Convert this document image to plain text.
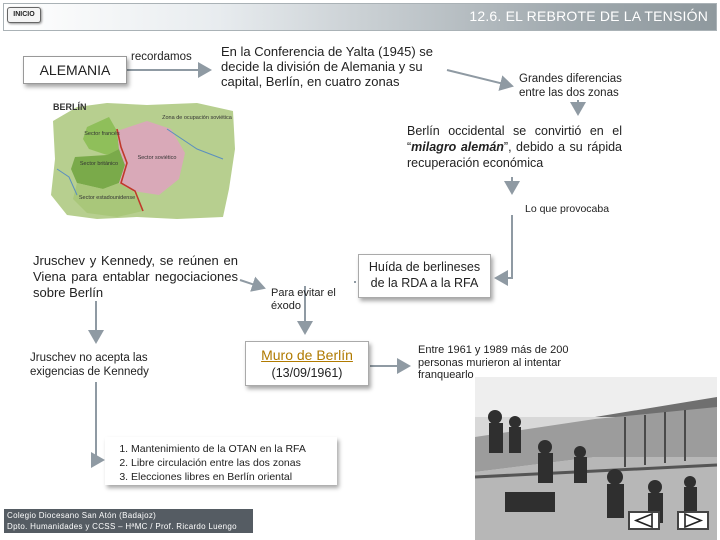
INICIO	12.6. EL REBROTE DE LA TENSIÓN
ALEMANIA
recordamos En la Conferencia de Yalta (1945) se decide la división de Alemania y su capital, Berlín, en cuatro zonas	Grandes diferencias entre las dos zonas
Berlín occidental se convirtió en el “milagro alemán”, debido a su rápida recuperación económica
Lo que provocaba
Jruschev y Kennedy, se reúnen en Viena para entablar negociaciones sobre Berlín	Para evitar el éxodo
Huída de berlineses de la RDA a la RFA
Jruschev no acepta las exigencias de Kennedy
Muro de Berlín
(13/09/1961)
Entre 1961 y 1989 más de 200 personas murieron al intentar franquearlo
1. Mantenimiento de la OTAN en la RFA
2. Libre circulación entre las dos zonas
3. Elecciones libres en Berlín oriental
BERLÍN
Zona de ocupación soviética
Sector francés
Sector británico
Sector estadounidense
Sector soviético
Colegio Diocesano San Atón (Badajoz)
Dpto. Humanidades y CCSS – HªMC / Prof. Ricardo Luengo
